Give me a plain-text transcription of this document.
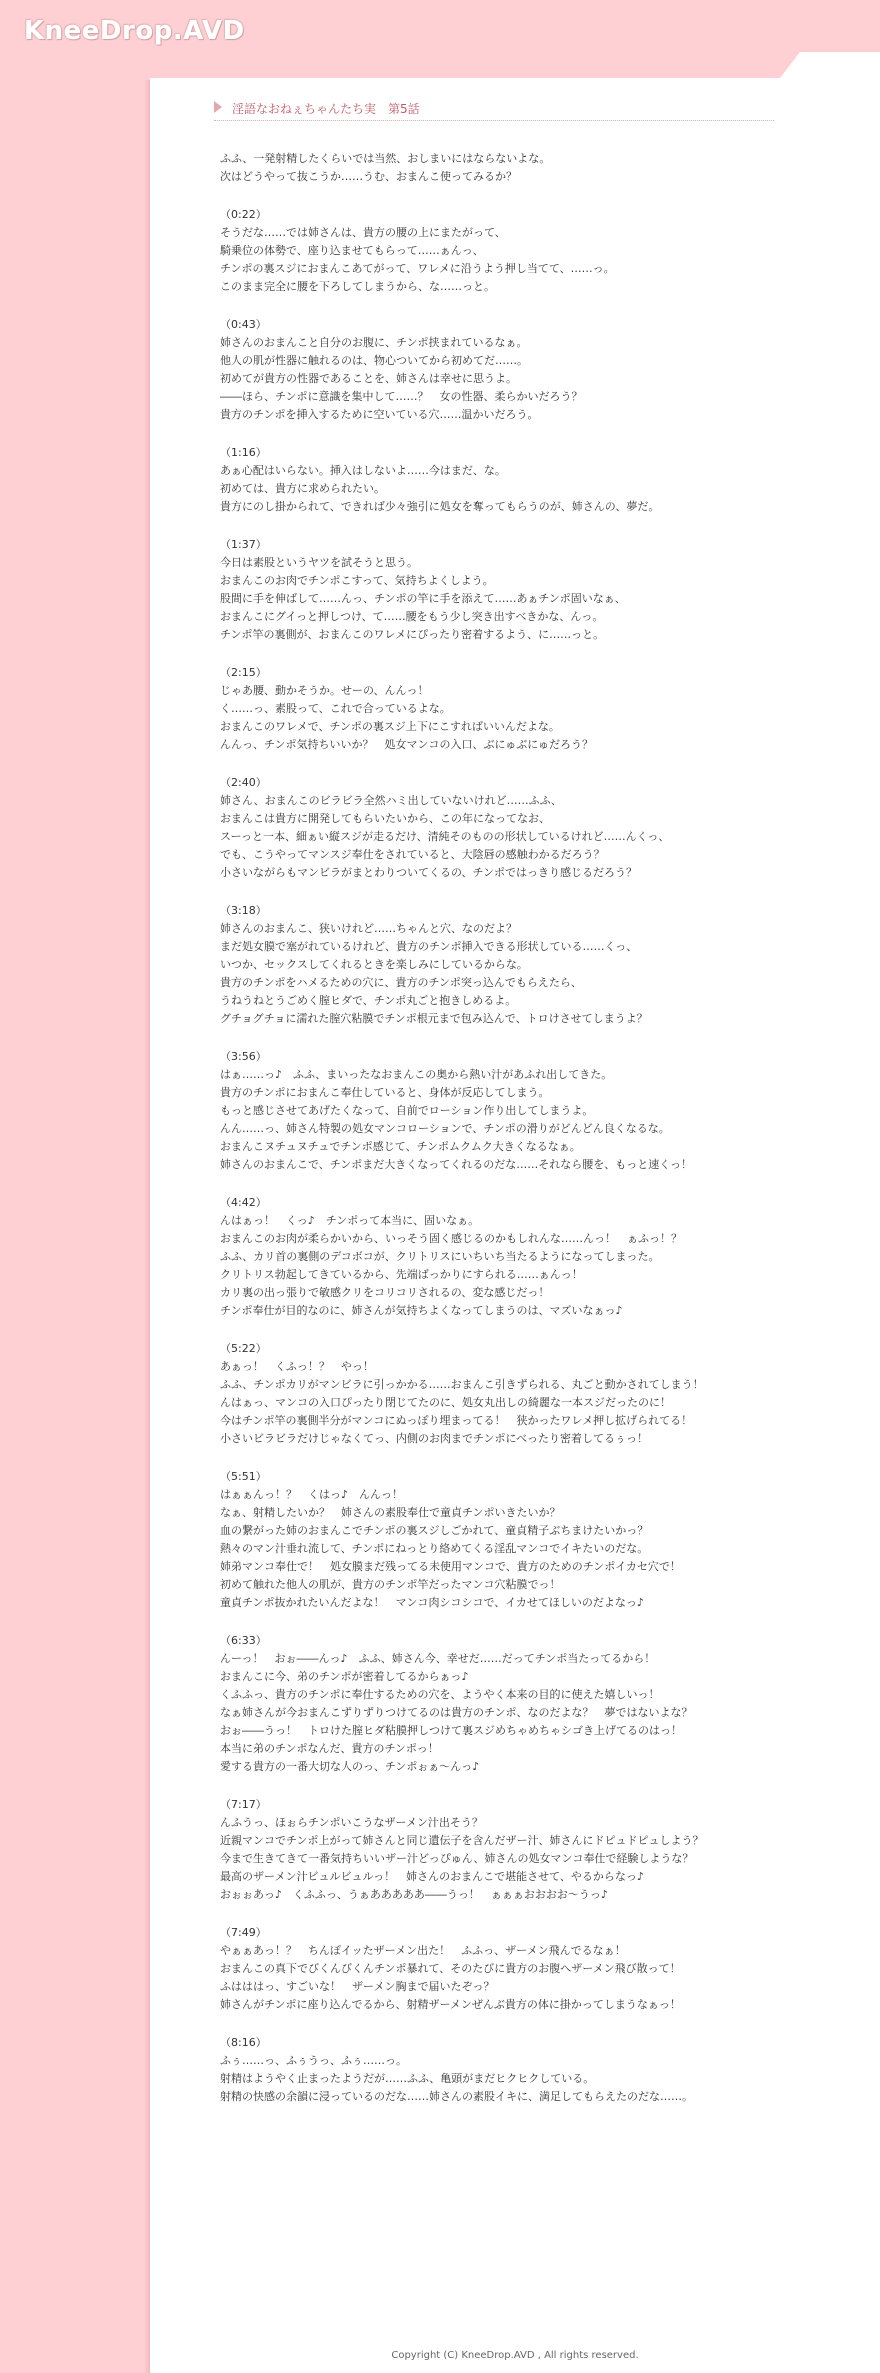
KneeDrop.AVD
淫語なおねぇちゃんたち実　第5話
ふふ、一発射精したくらいでは当然、おしまいにはならないよな。
次はどうやって抜こうか……うむ、おまんこ使ってみるか？
（0:22）
そうだな……では姉さんは、貴方の腰の上にまたがって、
騎乗位の体勢で、座り込ませてもらって……ぁんっ、
チンポの裏スジにおまんこあてがって、ワレメに沿うよう押し当てて、……っ。
このまま完全に腰を下ろしてしまうから、な……っと。
（0:43）
姉さんのおまんこと自分のお腹に、チンポ挟まれているなぁ。
他人の肌が性器に触れるのは、物心ついてから初めてだ……。
初めてが貴方の性器であることを、姉さんは幸せに思うよ。
――ほら、チンポに意識を集中して……？　女の性器、柔らかいだろう？
貴方のチンポを挿入するために空いている穴……温かいだろう。
（1:16）
あぁ心配はいらない。挿入はしないよ……今はまだ、な。
初めては、貴方に求められたい。
貴方にのし掛かられて、できれば少々強引に処女を奪ってもらうのが、姉さんの、夢だ。
（1:37）
今日は素股というヤツを試そうと思う。
おまんこのお肉でチンポこすって、気持ちよくしよう。
股間に手を伸ばして……んっ、チンポの竿に手を添えて……あぁチンポ固いなぁ、
おまんこにグイっと押しつけ、て……腰をもう少し突き出すべきかな、んっ。
チンポ竿の裏側が、おまんこのワレメにぴったり密着するよう、に……っと。
（2:15）
じゃあ腰、動かそうか。せーの、んんっ！
く……っ、素股って、これで合っているよな。
おまんこのワレメで、チンポの裏スジ上下にこすればいいんだよな。
んんっ、チンポ気持ちいいか？　処女マンコの入口、ぶにゅぶにゅだろう？
（2:40）
姉さん、おまんこのビラビラ全然ハミ出していないけれど……ふふ、
おまんこは貴方に開発してもらいたいから、この年になってなお、
スーっと一本、細ぁい縦スジが走るだけ、清純そのものの形状しているけれど……んくっ、
でも、こうやってマンスジ奉仕をされていると、大陰唇の感触わかるだろう？
小さいながらもマンビラがまとわりついてくるの、チンポではっきり感じるだろう？
（3:18）
姉さんのおまんこ、狭いけれど……ちゃんと穴、なのだよ？
まだ処女膜で塞がれているけれど、貴方のチンポ挿入できる形状している……くっ、
いつか、セックスしてくれるときを楽しみにしているからな。
貴方のチンポをハメるための穴に、貴方のチンポ突っ込んでもらえたら、
うねうねとうごめく膣ヒダで、チンポ丸ごと抱きしめるよ。
グチョグチョに濡れた膣穴粘膜でチンポ根元まで包み込んで、トロけさせてしまうよ？
（3:56）
はぁ……っ♪　ふふ、まいったなおまんこの奥から熱い汁があふれ出してきた。
貴方のチンポにおまんこ奉仕していると、身体が反応してしまう。
もっと感じさせてあげたくなって、自前でローション作り出してしまうよ。
んん……っ、姉さん特製の処女マンコローションで、チンポの滑りがどんどん良くなるな。
おまんこヌチュヌチュでチンポ感じて、チンポムクムク大きくなるなぁ。
姉さんのおまんこで、チンポまだ大きくなってくれるのだな……それなら腰を、もっと速くっ！
（4:42）
んはぁっ！　くっ♪　チンポって本当に、固いなぁ。
おまんこのお肉が柔らかいから、いっそう固く感じるのかもしれんな……んっ！　ぁふっ！？
ふふ、カリ首の裏側のデコボコが、クリトリスにいちいち当たるようになってしまった。
クリトリス勃起してきているから、先端ばっかりにすられる……ぁんっ！
カリ裏の出っ張りで敏感クリをコリコリされるの、変な感じだっ！
チンポ奉仕が目的なのに、姉さんが気持ちよくなってしまうのは、マズいなぁっ♪
（5:22）
あぁっ！　くふっ！？　やっ！
ふふ、チンポカリがマンビラに引っかかる……おまんこ引きずられる、丸ごと動かされてしまう！
んはぁっ、マンコの入口ぴったり閉じてたのに、処女丸出しの綺麗な一本スジだったのに！
今はチンポ竿の裏側半分がマンコにぬっぽり埋まってる！　狭かったワレメ押し拡げられてる！
小さいビラビラだけじゃなくてっ、内側のお肉までチンポにべったり密着してるぅっ！
（5:51）
はぁぁんっ！？　くはっ♪　んんっ！
なぁ、射精したいか？　姉さんの素股奉仕で童貞チンポいきたいか？
血の繋がった姉のおまんこでチンポの裏スジしごかれて、童貞精子ぶちまけたいかっ？
熱々のマン汁垂れ流して、チンポにねっとり絡めてくる淫乱マンコでイキたいのだな。
姉弟マンコ奉仕で！　処女膜まだ残ってる未使用マンコで、貴方のためのチンポイカセ穴で！
初めて触れた他人の肌が、貴方のチンポ竿だったマンコ穴粘膜でっ！
童貞チンポ抜かれたいんだよな！　マンコ肉シコシコで、イカせてほしいのだよなっ♪
（6:33）
んーっ！　おぉ――んっ♪　ふふ、姉さん今、幸せだ……だってチンポ当たってるから！
おまんこに今、弟のチンポが密着してるからぁっ♪
くふふっ、貴方のチンポに奉仕するための穴を、ようやく本来の目的に使えた嬉しいっ！
なぁ姉さんが今おまんこずりずりつけてるのは貴方のチンポ、なのだよな？　夢ではないよな？
おぉ――うっ！　トロけた膣ヒダ粘膜押しつけて裏スジめちゃめちゃシゴき上げてるのはっ！
本当に弟のチンポなんだ、貴方のチンポっ！
愛する貴方の一番大切な人のっ、チンポぉぁ～んっ♪
（7:17）
んふうっ、ほぉらチンポいこうなザーメン汁出そう？
近親マンコでチンポ上がって姉さんと同じ遺伝子を含んだザー汁、姉さんにドピュドピュしよう？
今まで生きてきて一番気持ちいいザー汁どっぴゅん、姉さんの処女マンコ奉仕で経験しような？
最高のザーメン汁ビュルビュルっ！　姉さんのおまんこで堪能させて、やるからなっ♪
おぉぉあっ♪　くふふっ、うぁあああああ――うっ！　ぁぁぁおおおお～うっ♪
（7:49）
やぁぁあっ！？　ちんぽイッたザーメン出た！　ふふっ、ザーメン飛んでるなぁ！
おまんこの真下でびくんびくんチンポ暴れて、そのたびに貴方のお腹へザーメン飛び散って！
ふはははっ、すごいな！　ザーメン胸まで届いたぞっ？
姉さんがチンポに座り込んでるから、射精ザーメンぜんぶ貴方の体に掛かってしまうなぁっ！
（8:16）
ふぅ……っ、ふぅうっ、ふぅ……っ。
射精はようやく止まったようだが……ふふ、亀頭がまだヒクヒクしている。
射精の快感の余韻に浸っているのだな……姉さんの素股イキに、満足してもらえたのだな……。
Copyright (C) KneeDrop.AVD , All rights reserved.
